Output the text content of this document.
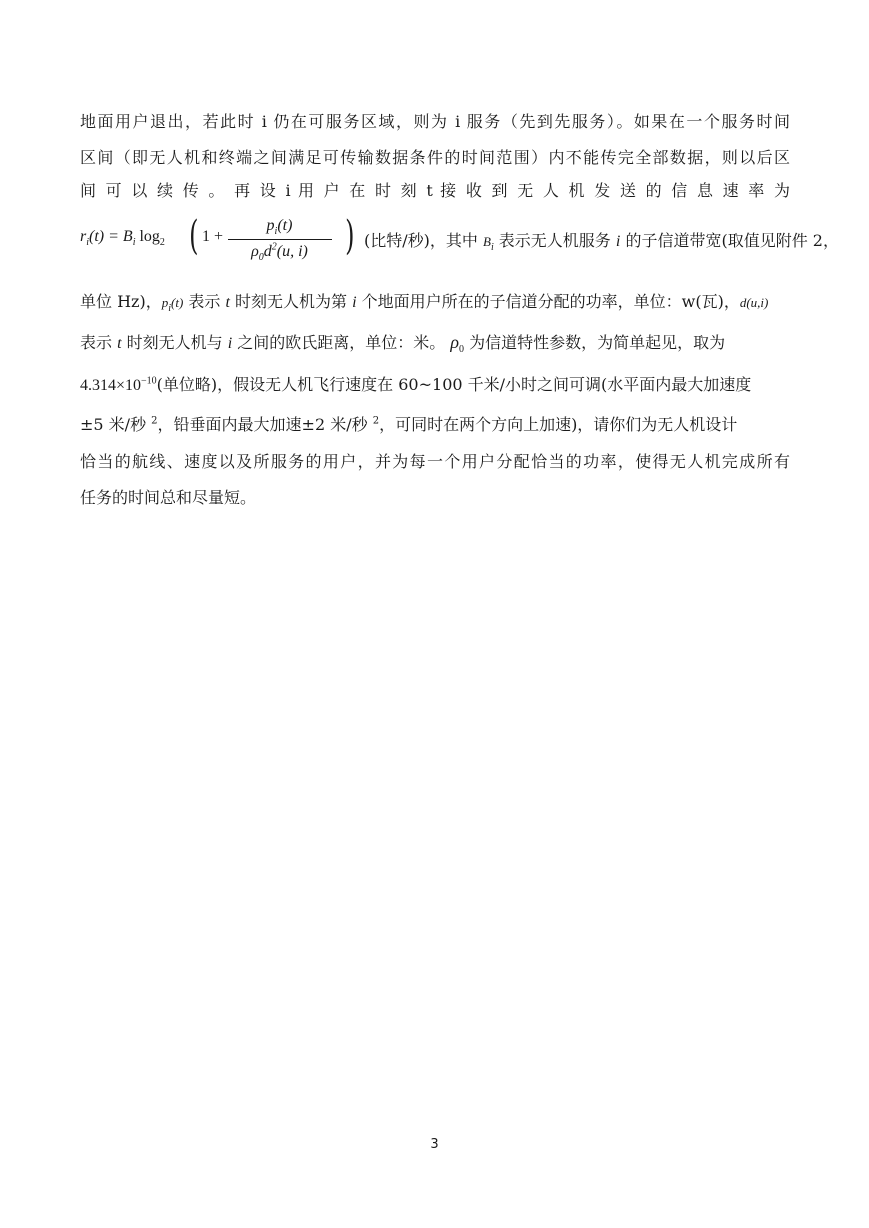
地面用户退出，若此时 i 仍在可服务区域，则为 i 服务（先到先服务）。如果在一个服务时间
区间（即无人机和终端之间满足可传输数据条件的时间范围）内不能传完全部数据，则以后区
间 可 以 续 传 。 再 设 i 用 户 在 时 刻 t 接 收 到 无 人 机 发 送 的 信 息 速 率 为
$r_i(t) = B_i$ $\log_2$ ( 1 +
$p_i(t)$
$\rho_0d^2(u$, i) ) (比特/秒)，其中 $B_i$ 表示无人机服务 i 的子信道带宽(取值见附件 2，
单位 Hz)，$p_i(t)$ 表示 t 时刻无人机为第 i 个地面用户所在的子信道分配的功率，单位：w(瓦)，d(u,i)
表示 t 时刻无人机与 i 之间的欧氏距离，单位：米。 $\rho_0$ 为信道特性参数，为简单起见，取为
$4.314\times 10^{-10}$(单位略)，假设无人机飞行速度在 60~100 千米/小时之间可调(水平面内最大加速度
±5 米/秒 $^2$，铅垂面内最大加速±2 米/秒 $^2$，可同时在两个方向上加速)，请你们为无人机设计
恰当的航线、速度以及所服务的用户，并为每一个用户分配恰当的功率，使得无人机完成所有
任务的时间总和尽量短。
3
